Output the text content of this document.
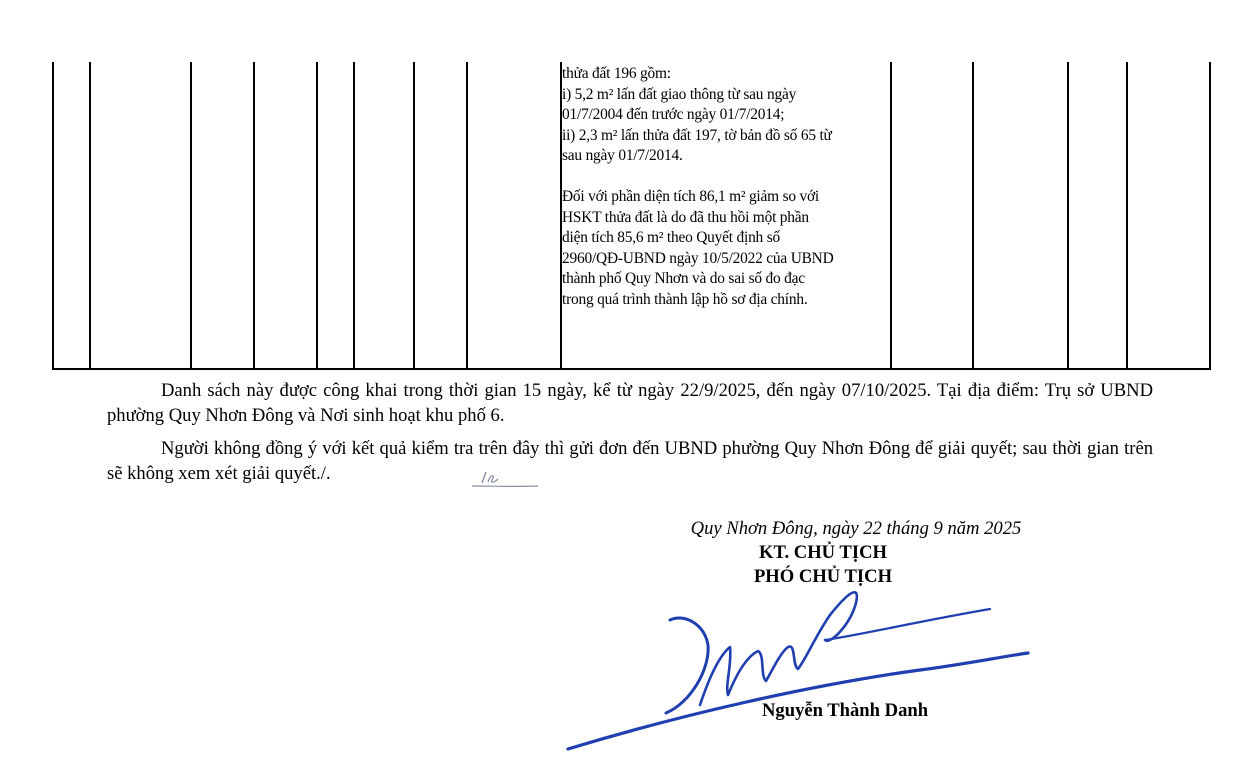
thửa đất 196 gồm:

i) 5,2 m² lấn đất giao thông từ sau ngày

01/7/2004 đến trước ngày 01/7/2014;

ii) 2,3 m² lấn thửa đất 197, tờ bản đồ số 65 từ

sau ngày 01/7/2014.

Đối với phần diện tích 86,1 m² giảm so với

HSKT thửa đất là do đã thu hồi một phần

diện tích 85,6 m² theo Quyết định số

2960/QĐ-UBND ngày 10/5/2022 của UBND

thành phố Quy Nhơn và do sai số đo đạc

trong quá trình thành lập hồ sơ địa chính.

Danh sách này được công khai trong thời gian 15 ngày, kể từ ngày 22/9/2025, đến ngày 07/10/2025. Tại địa điểm: Trụ sở UBND phường Quy Nhơn Đông và Nơi sinh hoạt khu phố 6.

Người không đồng ý với kết quả kiểm tra trên đây thì gửi đơn đến UBND phường Quy Nhơn Đông để giải quyết; sau thời gian trên sẽ không xem xét giải quyết./.

Quy Nhơn Đông, ngày 22 tháng 9 năm 2025
KT. CHỦ TỊCH
PHÓ CHỦ TỊCH
Nguyễn Thành Danh
